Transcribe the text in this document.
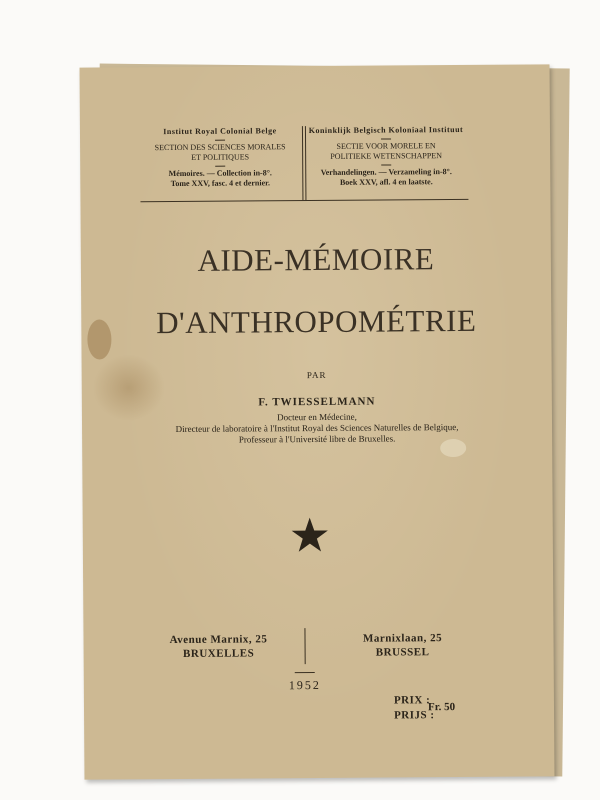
Institut Royal Colonial Belge
SECTION DES SCIENCES MORALES
ET POLITIQUES
Mémoires. — Collection in-8°.
Tome XXV, fasc. 4 et dernier.
Koninklijk Belgisch Koloniaal Instituut
SECTIE VOOR MORELE EN
POLITIEKE WETENSCHAPPEN
Verhandelingen. — Verzameling in-8°.
Boek XXV, afl. 4 en laatste.
AIDE-MÉMOIRE
D'ANTHROPOMÉTRIE
PAR
F. TWIESSELMANN
Docteur en Médecine,
Directeur de laboratoire à l'Institut Royal des Sciences Naturelles de Belgique,
Professeur à l'Université libre de Bruxelles.
Avenue Marnix, 25
BRUXELLES
Marnixlaan, 25
BRUSSEL
1952
PRIX :
PRIJS :
Fr. 50
